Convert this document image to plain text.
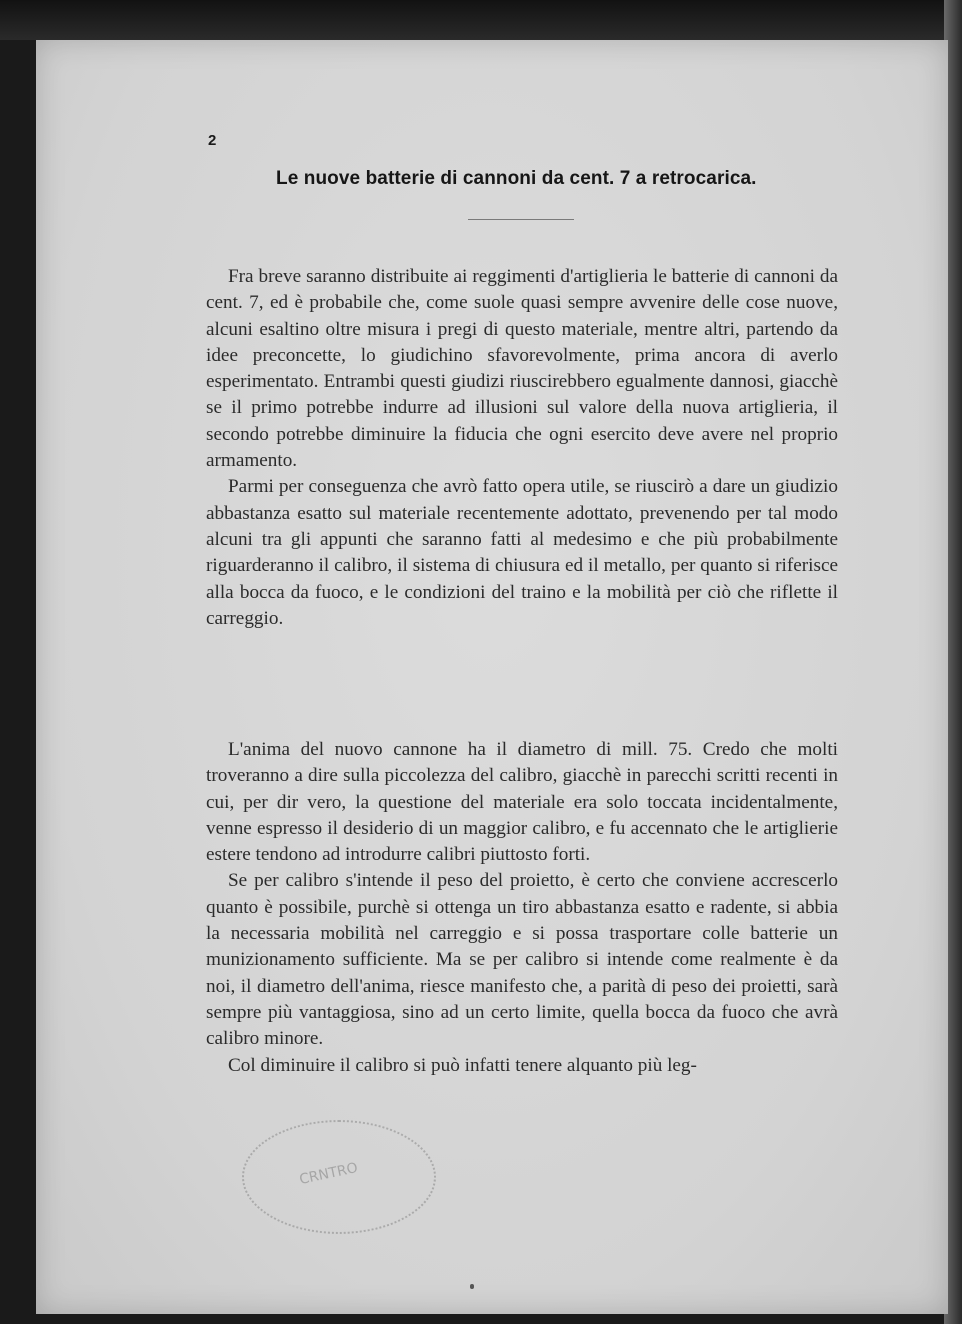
2
Le nuove batterie di cannoni da cent. 7 a retrocarica.

Fra breve saranno distribuite ai reggimenti d'artiglieria le batterie di cannoni da cent. 7, ed è probabile che, come suole quasi sempre avvenire delle cose nuove, alcuni esaltino oltre misura i pregi di questo materiale, mentre altri, partendo da idee preconcette, lo giudichino sfavorevolmente, prima ancora di averlo esperimentato. Entrambi questi giudizi riuscirebbero egualmente dannosi, giacchè se il primo potrebbe indurre ad illusioni sul valore della nuova artiglieria, il secondo potrebbe diminuire la fiducia che ogni esercito deve avere nel proprio armamento.

Parmi per conseguenza che avrò fatto opera utile, se riuscirò a dare un giudizio abbastanza esatto sul materiale recentemente adottato, prevenendo per tal modo alcuni tra gli appunti che saranno fatti al medesimo e che più probabilmente riguarderanno il calibro, il sistema di chiusura ed il metallo, per quanto si riferisce alla bocca da fuoco, e le condizioni del traino e la mobilità per ciò che riflette il carreggio.

L'anima del nuovo cannone ha il diametro di mill. 75. Credo che molti troveranno a dire sulla piccolezza del calibro, giacchè in parecchi scritti recenti in cui, per dir vero, la questione del materiale era solo toccata incidentalmente, venne espresso il desiderio di un maggior calibro, e fu accennato che le artiglierie estere tendono ad introdurre calibri piuttosto forti.

Se per calibro s'intende il peso del proietto, è certo che conviene accrescerlo quanto è possibile, purchè si ottenga un tiro abbastanza esatto e radente, si abbia la necessaria mobilità nel carreggio e si possa trasportare colle batterie un munizionamento sufficiente. Ma se per calibro si intende come realmente è da noi, il diametro dell'anima, riesce manifesto che, a parità di peso dei proietti, sarà sempre più vantaggiosa, sino ad un certo limite, quella bocca da fuoco che avrà calibro minore.

Col diminuire il calibro si può infatti tenere alquanto più leg-

CRNTRO
